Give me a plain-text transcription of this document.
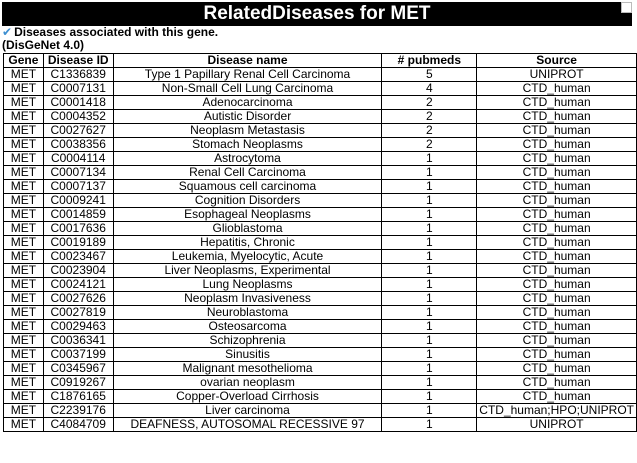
RelatedDiseases for MET
✔ Diseases associated with this gene.
(DisGeNet 4.0)
Gene	Disease ID	Disease name	# pubmeds	Source
MET	C1336839	Type 1 Papillary Renal Cell Carcinoma	5	UNIPROT
MET	C0007131	Non-Small Cell Lung Carcinoma	4	CTD_human
MET	C0001418	Adenocarcinoma	2	CTD_human
MET	C0004352	Autistic Disorder	2	CTD_human
MET	C0027627	Neoplasm Metastasis	2	CTD_human
MET	C0038356	Stomach Neoplasms	2	CTD_human
MET	C0004114	Astrocytoma	1	CTD_human
MET	C0007134	Renal Cell Carcinoma	1	CTD_human
MET	C0007137	Squamous cell carcinoma	1	CTD_human
MET	C0009241	Cognition Disorders	1	CTD_human
MET	C0014859	Esophageal Neoplasms	1	CTD_human
MET	C0017636	Glioblastoma	1	CTD_human
MET	C0019189	Hepatitis, Chronic	1	CTD_human
MET	C0023467	Leukemia, Myelocytic, Acute	1	CTD_human
MET	C0023904	Liver Neoplasms, Experimental	1	CTD_human
MET	C0024121	Lung Neoplasms	1	CTD_human
MET	C0027626	Neoplasm Invasiveness	1	CTD_human
MET	C0027819	Neuroblastoma	1	CTD_human
MET	C0029463	Osteosarcoma	1	CTD_human
MET	C0036341	Schizophrenia	1	CTD_human
MET	C0037199	Sinusitis	1	CTD_human
MET	C0345967	Malignant mesothelioma	1	CTD_human
MET	C0919267	ovarian neoplasm	1	CTD_human
MET	C1876165	Copper-Overload Cirrhosis	1	CTD_human
MET	C2239176	Liver carcinoma	1	CTD_human;HPO;UNIPROT
MET	C4084709	DEAFNESS, AUTOSOMAL RECESSIVE 97	1	UNIPROT
